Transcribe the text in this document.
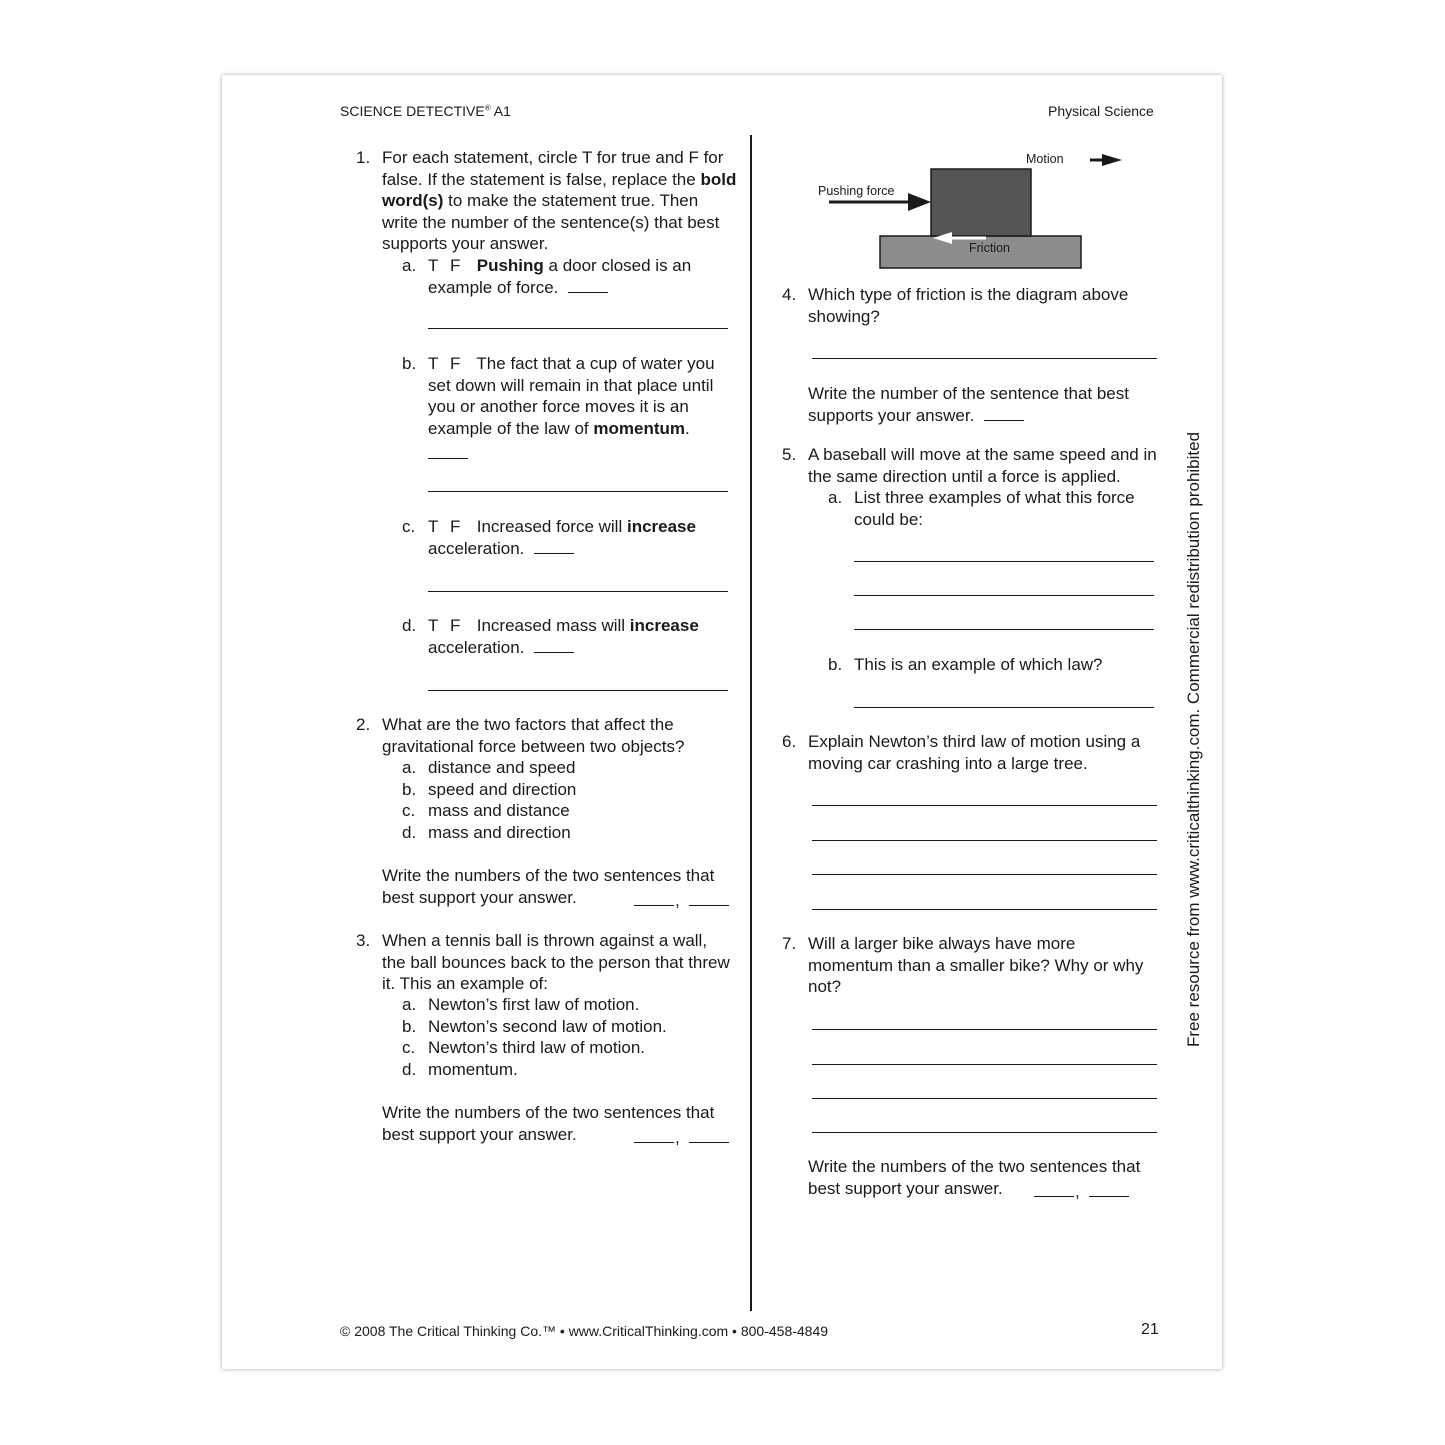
SCIENCE DETECTIVE® A1	Physical Science
1. For each statement, circle T for true and F for false. If the statement is false, replace the bold word(s) to make the statement true. Then write the number of the sentence(s) that best supports your answer.
a. T F Pushing a door closed is an example of force.
b. T F The fact that a cup of water you set down will remain in that place until you or another force moves it is an example of the law of momentum.
c. T F Increased force will increase acceleration.
d. T F Increased mass will increase acceleration.
2. What are the two factors that affect the gravitational force between two objects?
a. distance and speed
b. speed and direction
c. mass and distance
d. mass and direction
Write the numbers of the two sentences that
best support your answer.	,
3. When a tennis ball is thrown against a wall, the ball bounces back to the person that threw it. This an example of:
a. Newton’s first law of motion.
b. Newton’s second law of motion.
c. Newton’s third law of motion.
d. momentum.
Write the numbers of the two sentences that
best support your answer.	,
Pushing force
Motion
Friction
4. Which type of friction is the diagram above showing?
Write the number of the sentence that best supports your answer.
5. A baseball will move at the same speed and in the same direction until a force is applied.
a. List three examples of what this force could be:
b. This is an example of which law?
6. Explain Newton’s third law of motion using a moving car crashing into a large tree.
7. Will a larger bike always have more momentum than a smaller bike? Why or why not?
Write the numbers of the two sentences that
best support your answer.	,
Free resource from www.criticalthinking.com. Commercial redistribution prohibited
© 2008 The Critical Thinking Co.™ • www.CriticalThinking.com • 800-458-4849	21
